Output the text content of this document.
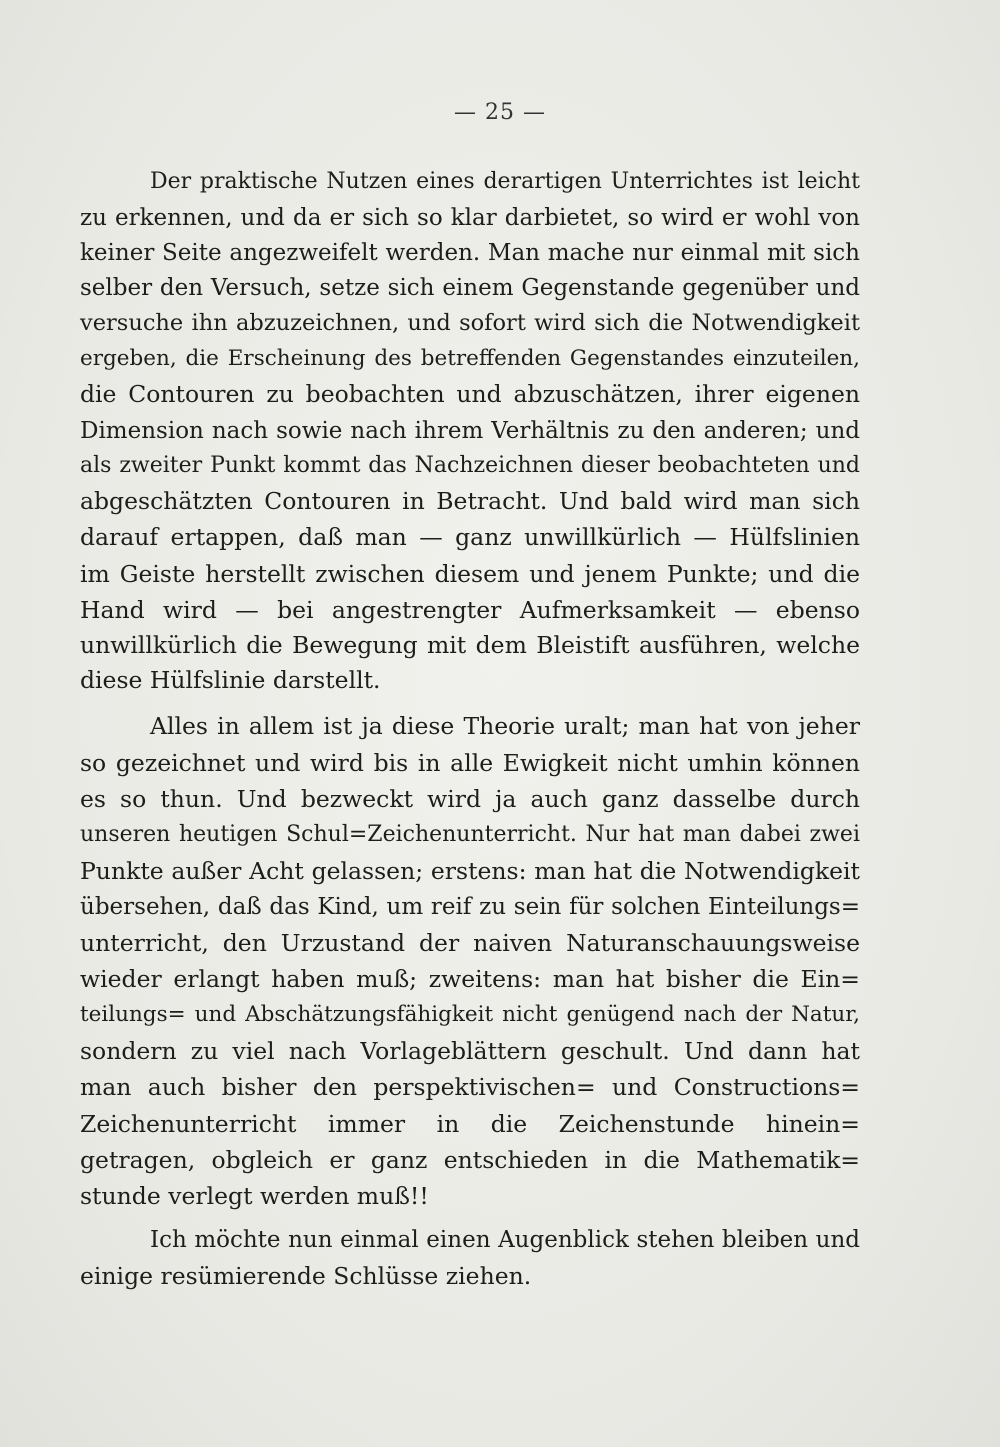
— 25 —
Der praktische Nutzen eines derartigen Unterrichtes ist leicht
zu erkennen, und da er sich so klar darbietet, so wird er wohl von
keiner Seite angezweifelt werden. Man mache nur einmal mit sich
selber den Versuch, setze sich einem Gegenstande gegenüber und
versuche ihn abzuzeichnen, und sofort wird sich die Notwendigkeit
ergeben, die Erscheinung des betreffenden Gegenstandes einzuteilen,
die Contouren zu beobachten und abzuschätzen, ihrer eigenen
Dimension nach sowie nach ihrem Verhältnis zu den anderen; und
als zweiter Punkt kommt das Nachzeichnen dieser beobachteten und
abgeschätzten Contouren in Betracht. Und bald wird man sich
darauf ertappen, daß man — ganz unwillkürlich — Hülfslinien
im Geiste herstellt zwischen diesem und jenem Punkte; und die
Hand wird — bei angestrengter Aufmerksamkeit — ebenso
unwillkürlich die Bewegung mit dem Bleistift ausführen, welche
diese Hülfslinie darstellt.
Alles in allem ist ja diese Theorie uralt; man hat von jeher
so gezeichnet und wird bis in alle Ewigkeit nicht umhin können
es so thun. Und bezweckt wird ja auch ganz dasselbe durch
unseren heutigen Schul=Zeichenunterricht. Nur hat man dabei zwei
Punkte außer Acht gelassen; erstens: man hat die Notwendigkeit
übersehen, daß das Kind, um reif zu sein für solchen Einteilungs=
unterricht, den Urzustand der naiven Naturanschauungsweise
wieder erlangt haben muß; zweitens: man hat bisher die Ein=
teilungs= und Abschätzungsfähigkeit nicht genügend nach der Natur,
sondern zu viel nach Vorlageblättern geschult. Und dann hat
man auch bisher den perspektivischen= und Constructions=
Zeichenunterricht immer in die Zeichenstunde hinein=
getragen, obgleich er ganz entschieden in die Mathematik=
stunde verlegt werden muß!!
Ich möchte nun einmal einen Augenblick stehen bleiben und
einige resümierende Schlüsse ziehen.
